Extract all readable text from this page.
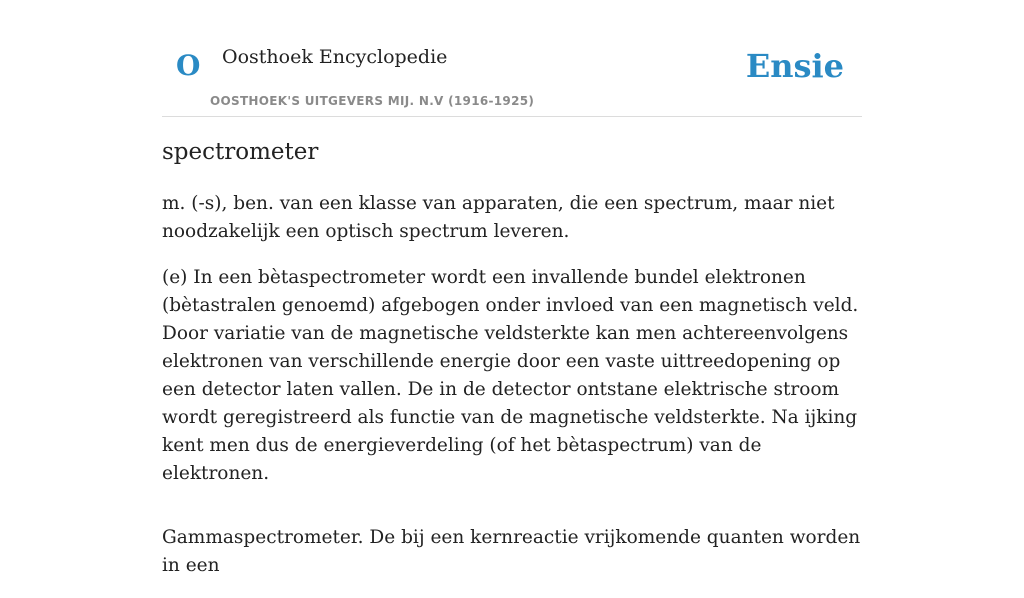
O Oosthoek Encyclopedie
OOSTHOEK'S UITGEVERS MIJ. N.V (1916-1925)
Ensie
spectrometer

m. (-s), ben. van een klasse van apparaten, die een spectrum, maar niet noodzakelijk een optisch spectrum leveren.

(e) In een bètaspectrometer wordt een invallende bundel elektronen (bètastralen genoemd) afgebogen onder invloed van een magnetisch veld. Door variatie van de magnetische veldsterkte kan men achtereenvolgens elektronen van verschillende energie door een vaste uittreedopening op een detector laten vallen. De in de detector ontstane elektrische stroom wordt geregistreerd als functie van de magnetische veldsterkte. Na ijking kent men dus de energieverdeling (of het bètaspectrum) van de elektronen.

Gammaspectrometer. De bij een kernreactie vrijkomende quanten worden in een
